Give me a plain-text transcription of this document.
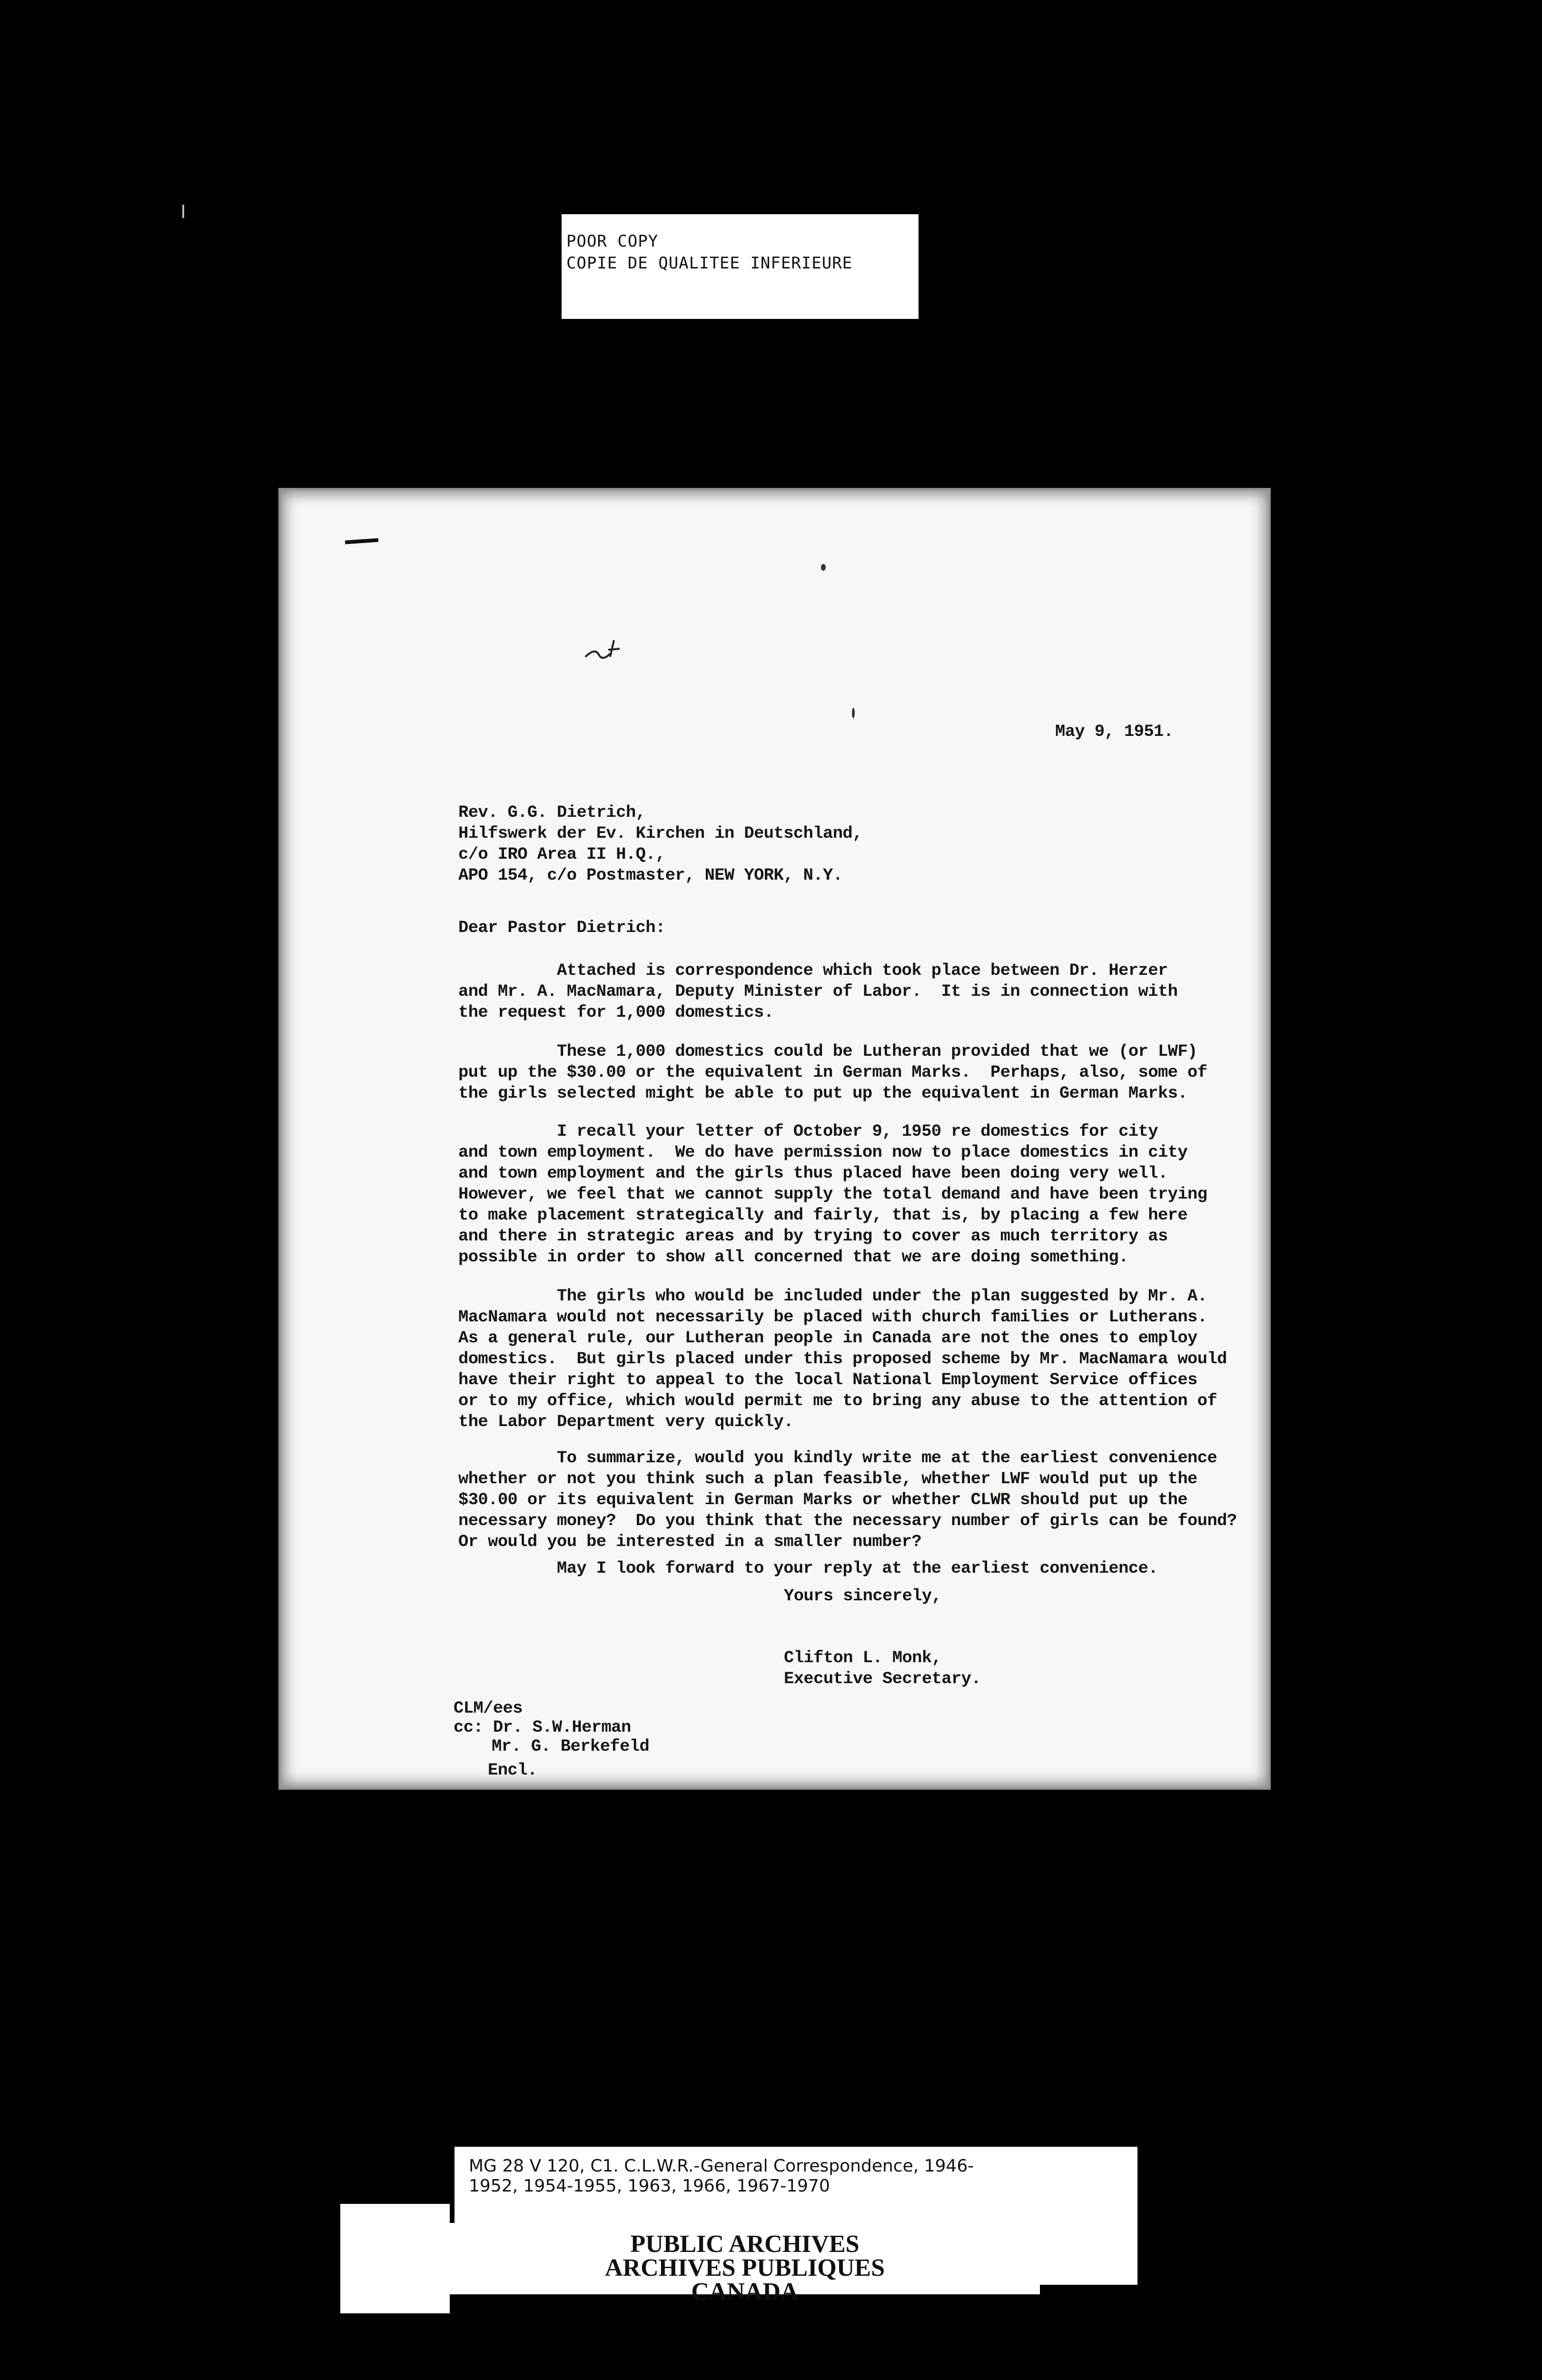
POOR COPY
COPIE DE QUALITEE INFERIEURE
May 9, 1951.
Rev. G.G. Dietrich,
Hilfswerk der Ev. Kirchen in Deutschland,
c/o IRO Area II H.Q.,
APO 154, c/o Postmaster, NEW YORK, N.Y.
Dear Pastor Dietrich:
Attached is correspondence which took place between Dr. Herzer
and Mr. A. MacNamara, Deputy Minister of Labor.  It is in connection with
the request for 1,000 domestics.
These 1,000 domestics could be Lutheran provided that we (or LWF)
put up the $30.00 or the equivalent in German Marks.  Perhaps, also, some of
the girls selected might be able to put up the equivalent in German Marks.
I recall your letter of October 9, 1950 re domestics for city
and town employment.  We do have permission now to place domestics in city
and town employment and the girls thus placed have been doing very well.
However, we feel that we cannot supply the total demand and have been trying
to make placement strategically and fairly, that is, by placing a few here
and there in strategic areas and by trying to cover as much territory as
possible in order to show all concerned that we are doing something.
The girls who would be included under the plan suggested by Mr. A.
MacNamara would not necessarily be placed with church families or Lutherans.
As a general rule, our Lutheran people in Canada are not the ones to employ
domestics.  But girls placed under this proposed scheme by Mr. MacNamara would
have their right to appeal to the local National Employment Service offices
or to my office, which would permit me to bring any abuse to the attention of
the Labor Department very quickly.
To summarize, would you kindly write me at the earliest convenience
whether or not you think such a plan feasible, whether LWF would put up the
$30.00 or its equivalent in German Marks or whether CLWR should put up the
necessary money?  Do you think that the necessary number of girls can be found?
Or would you be interested in a smaller number?
May I look forward to your reply at the earliest convenience.
Yours sincerely,
Clifton L. Monk,
Executive Secretary.
CLM/ees
cc: Dr. S.W.Herman
Mr. G. Berkefeld
Encl.
MG 28 V 120, C1. C.L.W.R.-General Correspondence, 1946-
1952, 1954-1955, 1963, 1966, 1967-1970
PUBLIC ARCHIVES
ARCHIVES PUBLIQUES
CANADA
